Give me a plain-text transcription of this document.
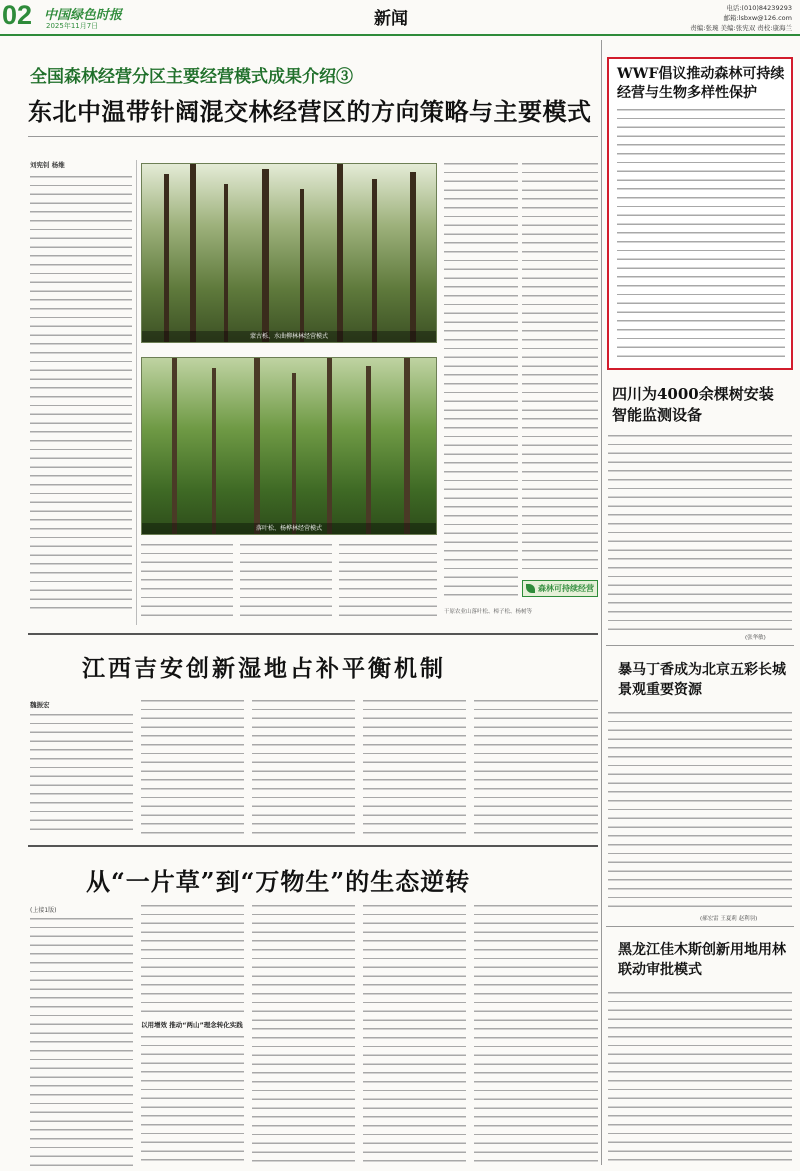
02 中国绿色时报
2025年11月7日	新闻
电话:(010)84239293
邮箱:lsbxw@126.com
责编:张琬 美编:张宪双 责校:康海兰
全国森林经营分区主要经营模式成果介绍③
东北中温带针阔混交林经营区的方向策略与主要模式
刘宪钊 杨维
蒙古栎、水曲柳林林经营模式
落叶松、杨桦林经营模式
森林可持续经营
干原农业山落叶松、樟子松、杨树等
WWF倡议推动森林可持续经营与生物多样性保护
四川为4000余棵树安装智能监测设备
(张华敏)
暴马丁香成为北京五彩长城景观重要资源
(郝宏雷 王夏莉 赵利羽)
黑龙江佳木斯创新用地用林联动审批模式
江西吉安创新湿地占补平衡机制
魏振宏
从“一片草”到“万物生”的生态逆转
(上接1版)
以用增效 推动“两山”理念转化实践
